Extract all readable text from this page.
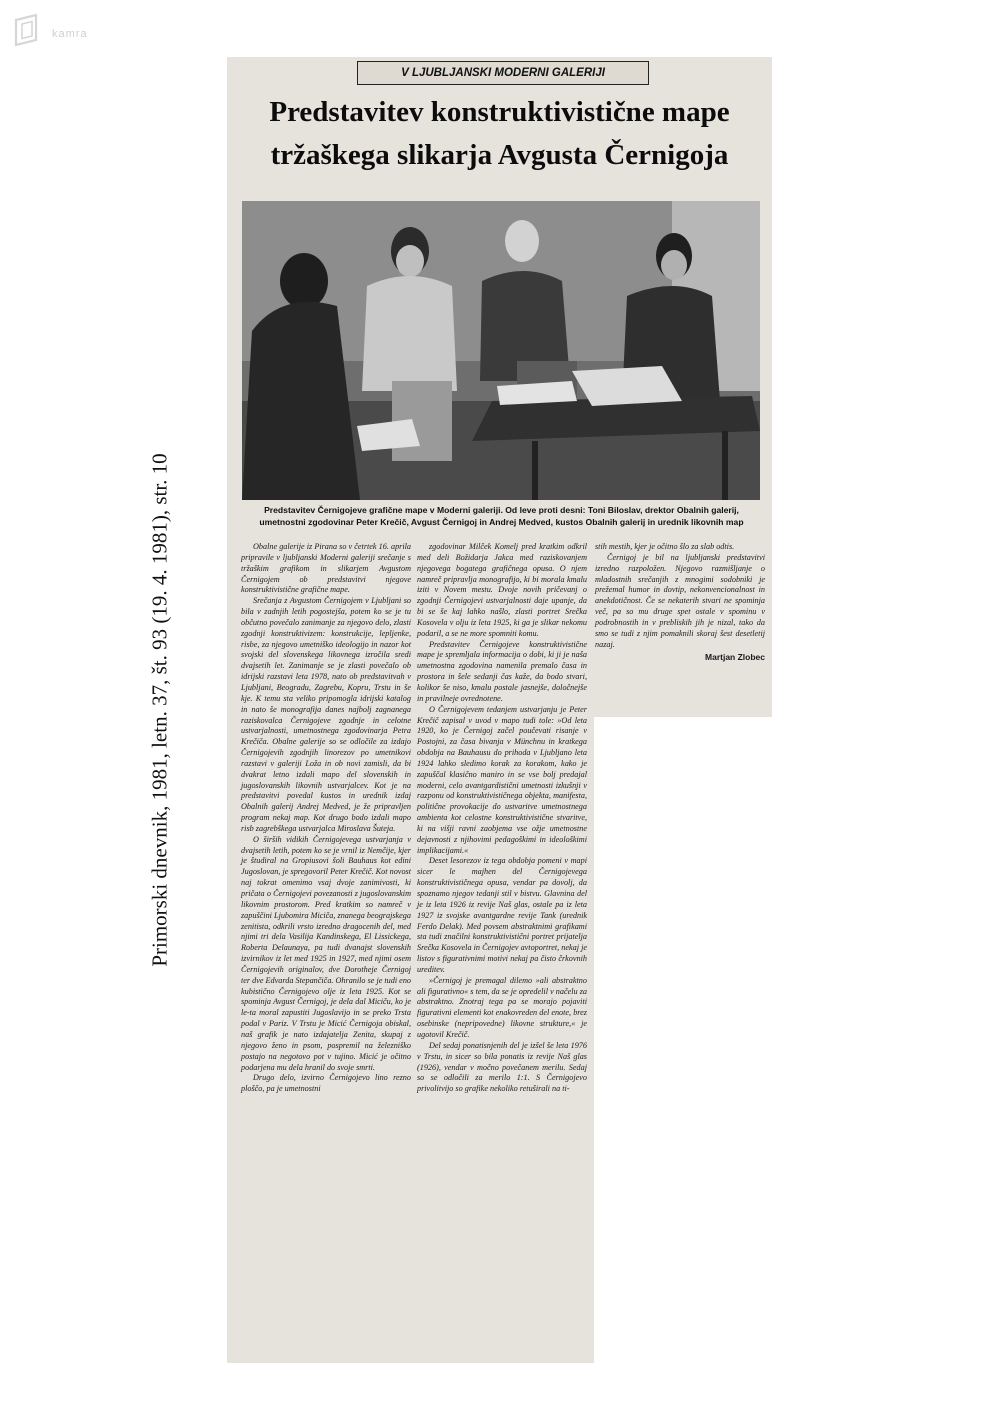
kamra
Primorski dnevnik, 1981, letn. 37, št. 93 (19. 4. 1981), str. 10
V LJUBLJANSKI MODERNI GALERIJI
Predstavitev konstruktivistične mape
tržaškega slikarja Avgusta Černigoja
Predstavitev Černigojeve grafične mape v Moderni galeriji. Od leve proti desni: Toni Biloslav, drektor Obalnih galerij, umetnostni zgodovinar Peter Krečič, Avgust Černigoj in Andrej Medved, kustos Obalnih galerij in urednik likovnih map

Obalne galerije iz Pirana so v četrtek 16. aprila pripravile v ljubljanski Moderni galeriji srečanje s tržaškim grafikom in slikarjem Avgustom Černigojem ob predstavitvi njegove konstruktivistične grafične mape.

Srečanja z Avgustom Černigojem v Ljubljani so bila v zadnjih letih pogostejša, potem ko se je tu občutno povečalo zanimanje za njegovo delo, zlasti zgodnji konstruktivizem: konstrukcije, lepljenke, risbe, za njegovo umetniško ideologijo in nazor kot svojski del slovenskega likovnega izročila sredi dvajsetih let. Zanimanje se je zlasti povečalo ob idrijski razstavi leta 1978, nato ob predstavitvah v Ljubljani, Beogradu, Zagrebu, Kopru, Trstu in še kje. K temu sta veliko pripomogla idrijski katalog in nato še monografija danes najbolj zagnanega raziskovalca Černigojeve zgodnje in celotne ustvarjalnosti, umetnostnega zgodovinarja Petra Krečiča. Obalne galerije so se odločile za izdajo Černigojevih zgodnjih linorezov po umetnikovi razstavi v galeriji Loža in ob novi zamisli, da bi dvakrat letno izdali mapo del slovenskih in jugoslovanskih likovnih ustvarjalcev. Kot je na predstavitvi povedal kustos in urednik izdaj Obalnih galerij Andrej Medved, je že pripravljen program nekaj map. Kot drugo bodo izdali mapo risb zagrebškega ustvarjalca Miroslava Šuteja.

O širših vidikih Černigojevega ustvarjanja v dvajsetih letih, potem ko se je vrnil iz Nemčije, kjer je študiral na Gropiusovi šoli Bauhaus kot edini Jugoslovan, je spregovoril Peter Krečič. Kot novost naj tokrat omenimo vsaj dvoje zanimivosti, ki pričata o Černigojevi povezanosti z jugoslovanskim likovnim prostorom. Pred kratkim so namreč v zapuščini Ljubomira Miciča, znanega beograjskega zenitista, odkrili vrsto izredno dragocenih del, med njimi tri dela Vasilija Kandinskega, El Lissickega, Roberta Delaunaya, pa tudi dvanajst slovenskih izvirnikov iz let med 1925 in 1927, med njimi osem Černigojevih originalov, dve Dorotheje Černigoj ter dve Edvarda Stepančiča. Ohranilo se je tudi eno kubistično Černigojevo olje iz leta 1925. Kot se spominja Avgust Černigoj, je dela dal Miciču, ko je le-ta moral zapustiti Jugoslavijo in se preko Trsta podal v Pariz. V Trstu je Micić Černigoja obiskal, naš grafik je nato izdajatelja Zenita, skupaj z njegovo ženo in psom, pospremil na železniško postajo na negotovo pot v tujino. Micić je očitno podarjena mu dela hranil do svoje smrti.

Drugo delo, izvirno Černigojevo lino rezno ploščo, pa je umetnostni

zgodovinar Milček Komelj pred kratkim odkril med deli Božidarja Jakca med raziskovanjem njegovega bogatega grafičnega opusa. O njem namreč pripravlja monografijo, ki bi morala kmalu iziti v Novem mestu. Dvoje novih pričevanj o zgodnji Černigojevi ustvarjalnosti daje upanje, da bi se še kaj lahko našlo, zlasti portret Srečka Kosovela v olju iz leta 1925, ki ga je slikar nekomu podaril, a se ne more spomniti komu.

Predstavitev Černigojeve konstruktivistične mape je spremljala informacija o dobi, ki ji je naša umetnostna zgodovina namenila premalo časa in prostora in šele sedanji čas kaže, da bodo stvari, kolikor še niso, kmalu postale jasnejše, določnejše in pravilneje ovrednotene.

O Černigojevem tedanjem ustvarjanju je Peter Krečič zapisal v uvod v mapo tudi tole: »Od leta 1920, ko je Černigoj začel poučevati risanje v Postojni, za časa bivanja v Münchnu in kratkega obdobja na Bauhausu do prihoda v Ljubljano leta 1924 lahko sledimo korak za korakom, kako je zapuščal klasično maniro in se vse bolj predajal moderni, celo avantgardistični umetnosti izkušnji v razponu od konstruktivističnega objekta, manifesta, politične provokacije do ustvaritve umetnostnega ambienta kot celostne konstruktivistične stvaritve, ki na višji ravni zaobjema vse ožje umetnostne dejavnosti z njihovimi pedagoškimi in ideološkimi implikacijami.«

Deset lesorezov iz tega obdobja pomeni v mapi sicer le majhen del Černigojevega konstruktivističnega opusa, vendar pa dovolj, da spoznamo njegov tedanji stil v bistvu. Glavnina del je iz leta 1926 iz revije Naš glas, ostale pa iz leta 1927 iz svojske avantgardne revije Tank (urednik Ferdo Delak). Med povsem abstraktnimi grafikami sta tudi značilni konstruktivistični portret prijatelja Srečka Kosovela in Černigojev avtoportret, nekaj je listov s figurativnimi motivi nekaj pa čisto črkovnih ureditev.

»Černigoj je premagal dilemo »ali abstraktno ali figurativno« s tem, da se je opredelil v načelu za abstraktno. Znotraj tega pa se morajo pojaviti figurativni elementi kot enakovreden del enote, brez osebinske (nepripovedne) likovne strukture,« je ugotovil Krečič.

Del sedaj ponatisnjenih del je izšel še leta 1976 v Trstu, in sicer so bila ponatis iz revije Naš glas (1926), vendar v močno povečanem merilu. Sedaj so se odločili za merilo 1:1. S Černigojevo privolitvijo so grafike nekoliko retuširali na ti-

stih mestih, kjer je očitno šlo za slab odtis.

Černigoj je bil na ljubljanski predstavitvi izredno razpoložen. Njegovo razmišljanje o mladostnih srečanjih z mnogimi sodobniki je prežemal humor in dovtip, nekonvencionalnost in anekdotičnost. Če se nekaterih stvari ne spominja več, pa so mu druge spet ostale v spominu v podrobnostih in v prebliskih jih je nizal, tako da smo se tudi z njim pomaknili skoraj šest desetletij nazaj.

Martjan Zlobec
